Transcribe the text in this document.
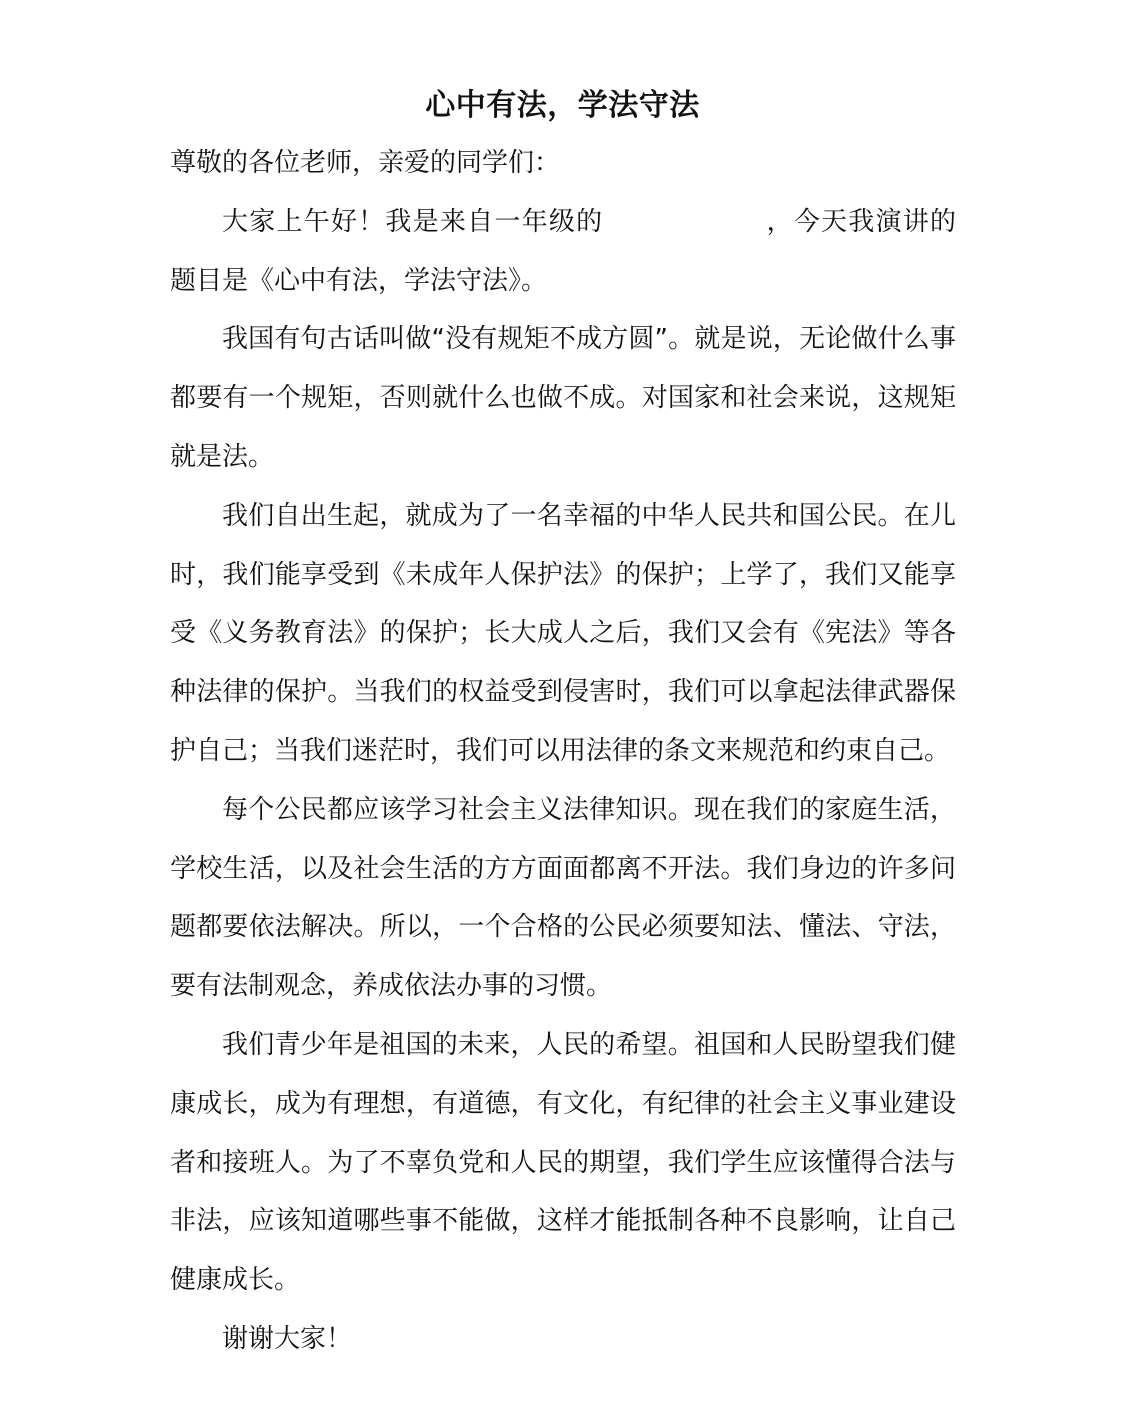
心中有法，学法守法

尊敬的各位老师，亲爱的同学们：

大家上午好！我是来自一年级的	，今天我演讲的题目是《心中有法，学法守法》。

我国有句古话叫做“没有规矩不成方圆”。就是说，无论做什么事都要有一个规矩，否则就什么也做不成。对国家和社会来说，这规矩就是法。

我们自出生起，就成为了一名幸福的中华人民共和国公民。在儿时，我们能享受到《未成年人保护法》的保护；上学了，我们又能享受《义务教育法》的保护；长大成人之后，我们又会有《宪法》等各种法律的保护。当我们的权益受到侵害时，我们可以拿起法律武器保护自己；当我们迷茫时，我们可以用法律的条文来规范和约束自己。

每个公民都应该学习社会主义法律知识。现在我们的家庭生活，学校生活，以及社会生活的方方面面都离不开法。我们身边的许多问题都要依法解决。所以，一个合格的公民必须要知法、懂法、守法，要有法制观念，养成依法办事的习惯。

我们青少年是祖国的未来，人民的希望。祖国和人民盼望我们健康成长，成为有理想，有道德，有文化，有纪律的社会主义事业建设者和接班人。为了不辜负党和人民的期望，我们学生应该懂得合法与非法，应该知道哪些事不能做，这样才能抵制各种不良影响，让自己健康成长。

谢谢大家！
